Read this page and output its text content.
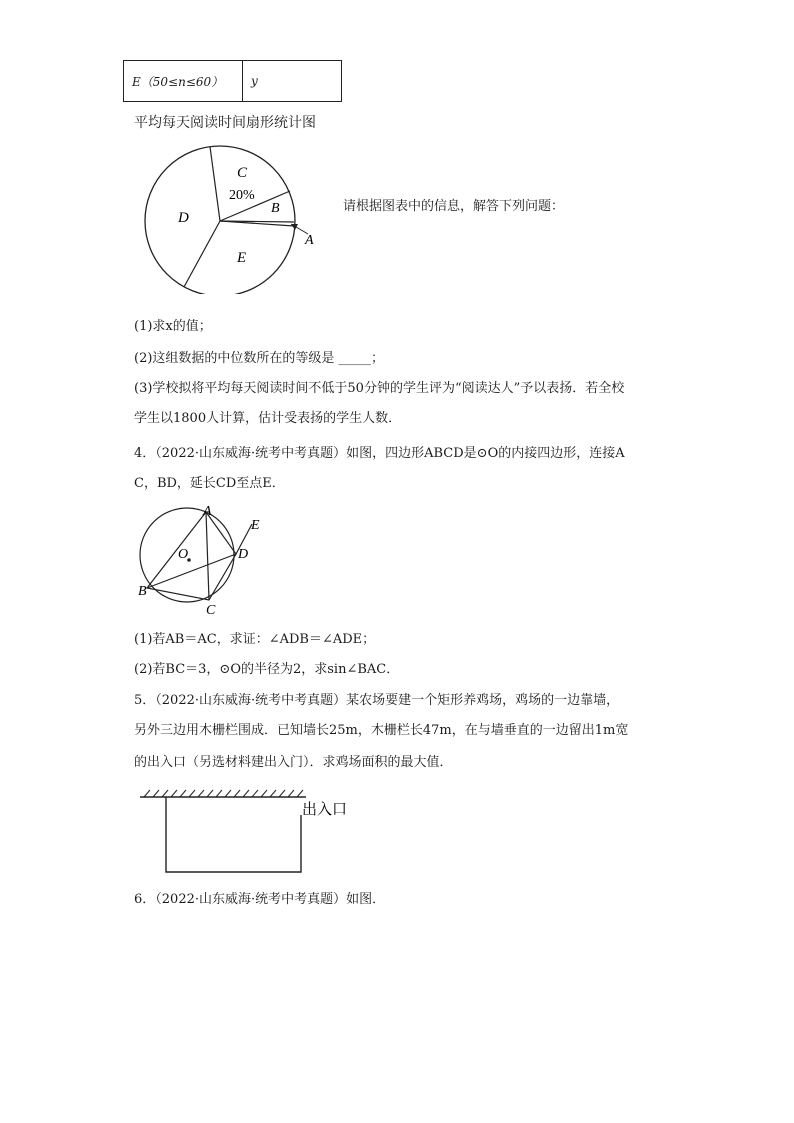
E（50≤n≤60）	y
平均每天阅读时间扇形统计图
C
20%
B
A
D
E
请根据图表中的信息，解答下列问题：
(1)求x的值；
(2)这组数据的中位数所在的等级是 _____；
(3)学校拟将平均每天阅读时间不低于50分钟的学生评为“阅读达人”予以表扬．若全校
学生以1800人计算，估计受表扬的学生人数．
4．（2022·山东威海·统考中考真题）如图，四边形ABCD是⊙O的内接四边形，连接A
C，BD，延长CD至点E．
A
B
C
D
E
O
(1)若AB＝AC，求证：∠ADB＝∠ADE；
(2)若BC＝3，⊙O的半径为2，求sin∠BAC．
5．（2022·山东威海·统考中考真题）某农场要建一个矩形养鸡场，鸡场的一边靠墙，
另外三边用木栅栏围成．已知墙长25m，木栅栏长47m，在与墙垂直的一边留出1m宽
的出入口（另选材料建出入门）．求鸡场面积的最大值．
出入口
6．（2022·山东威海·统考中考真题）如图．
